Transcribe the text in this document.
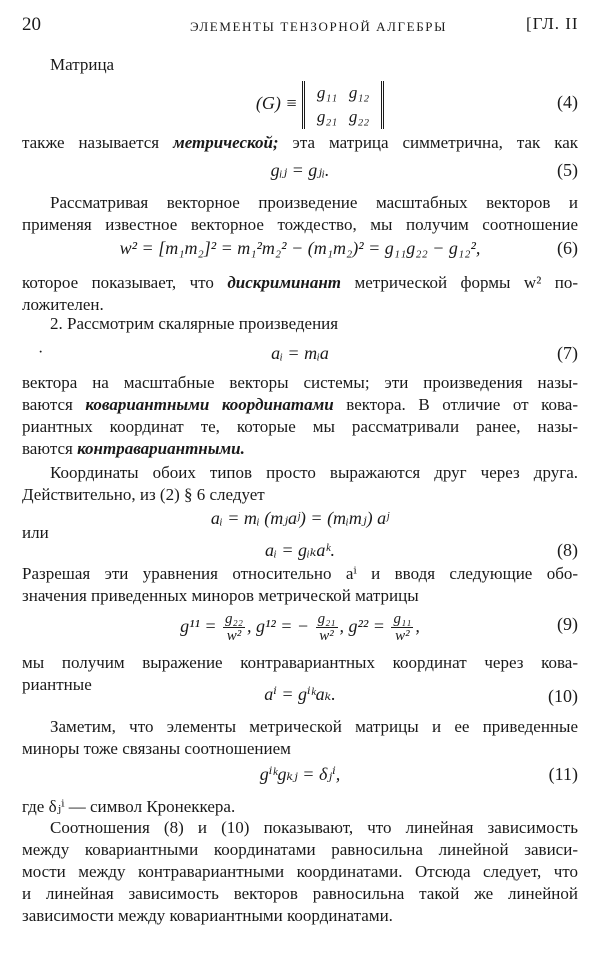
20	ЭЛЕМЕНТЫ ТЕНЗОРНОЙ АЛГЕБРЫ	[ГЛ. II
Матрица
(G) ≡ g₁₁ g₁₂
g₂₁ g₂₂
(4)
также называется метрической; эта матрица симметрична, так как
gᵢⱼ = gⱼᵢ.	(5)
Рассматривая векторное произведение масштабных векторов и
применяя известное векторное тождество, мы получим соотношение
w² = [m₁m₂]² = m₁²m₂² − (m₁m₂)² = g₁₁g₂₂ − g₁₂²,	(6)
которое показывает, что дискриминант метрической формы w² по-
ложителен.
2. Рассмотрим скалярные произведения
·	aᵢ = mᵢa	(7)
вектора на масштабные векторы системы; эти произведения назы-
ваются ковариантными координатами вектора. В отличие от кова-
риантных координат те, которые мы рассматривали ранее, назы-
ваются контравариантными.
Координаты обоих типов просто выражаются друг через друга.
Действительно, из (2) § 6 следует
aᵢ = mᵢ (mⱼaʲ) = (mᵢmⱼ) aʲ
или
aᵢ = gᵢₖaᵏ.	(8)
Разрешая эти уравнения относительно aⁱ и вводя следующие обо-
значения приведенных миноров метрической матрицы
$g^{11} = \frac{\text{g₂₂}}{\text{w²}}$ , g¹² = − $\frac{\text{g₂₁}}{\text{w²}}$ , $g^{22} = \frac{\text{g₁₁}}{\text{w²}}$ ,	(9)
мы получим выражение контравариантных координат через кова-
риантные	aⁱ = gⁱᵏaₖ.	(10)
Заметим, что элементы метрической матрицы и ее приведенные
миноры тоже связаны соотношением
gⁱᵏgₖⱼ = δⱼⁱ,	(11)
где δⱼⁱ — символ Кронеккера.
Соотношения (8) и (10) показывают, что линейная зависимость
между ковариантными координатами равносильна линейной зависи-
мости между контравариантными координатами. Отсюда следует, что
и линейная зависимость векторов равносильна такой же линейной
зависимости между ковариантными координатами.
